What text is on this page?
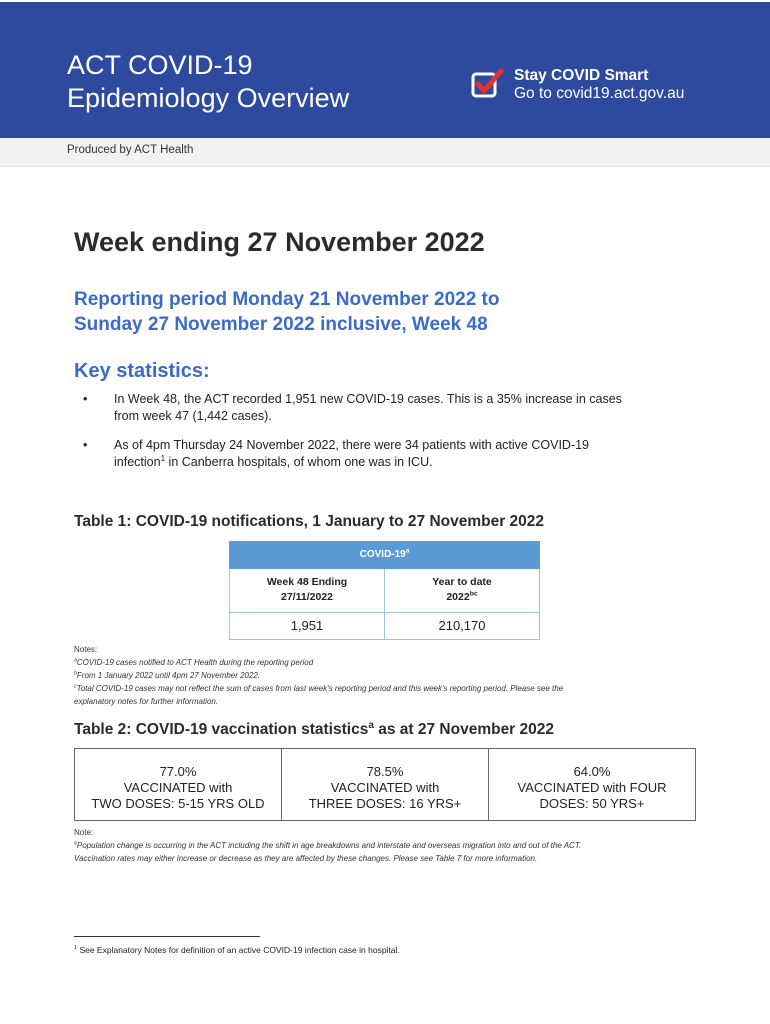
ACT COVID-19
Epidemiology Overview
Stay COVID Smart
Go to covid19.act.gov.au
Produced by ACT Health
Week ending 27 November 2022
Reporting period Monday 21 November 2022 to
Sunday 27 November 2022 inclusive, Week 48
Key statistics:
• In Week 48, the ACT recorded 1,951 new COVID-19 cases. This is a 35% increase in cases
from week 47 (1,442 cases).
• As of 4pm Thursday 24 November 2022, there were 34 patients with active COVID-19
infection$^1$ in Canberra hospitals, of whom one was in ICU.
Table 1: COVID-19 notifications, 1 January to 27 November 2022
COVID-19$^a$
Week 48 Ending
27/11/2022
Year to date
$2022^{bc}$
1,951	210,170
Notes:
$^a$COVID-19 cases notified to ACT Health during the reporting period
$^b$From 1 January 2022 until 4pm 27 November 2022.
$^c$Total COVID-19 cases may not reflect the sum of cases from last week's reporting period and this week's reporting period. Please see the
explanatory notes for further information.
Table 2: COVID-19 vaccination statistics$^a$ as at 27 November 2022
77.0%
VACCINATED with
TWO DOSES: 5-15 YRS OLD
78.5%
VACCINATED with
THREE DOSES: 16 YRS+
64.0%
VACCINATED with FOUR
DOSES: 50 YRS+
Note:
$^a$Population change is occurring in the ACT including the shift in age breakdowns and interstate and overseas migration into and out of the ACT.
Vaccination rates may either increase or decrease as they are affected by these changes. Please see Table 7 for more information.
$^1$ See Explanatory Notes for definition of an active COVID-19 infection case in hospital.
